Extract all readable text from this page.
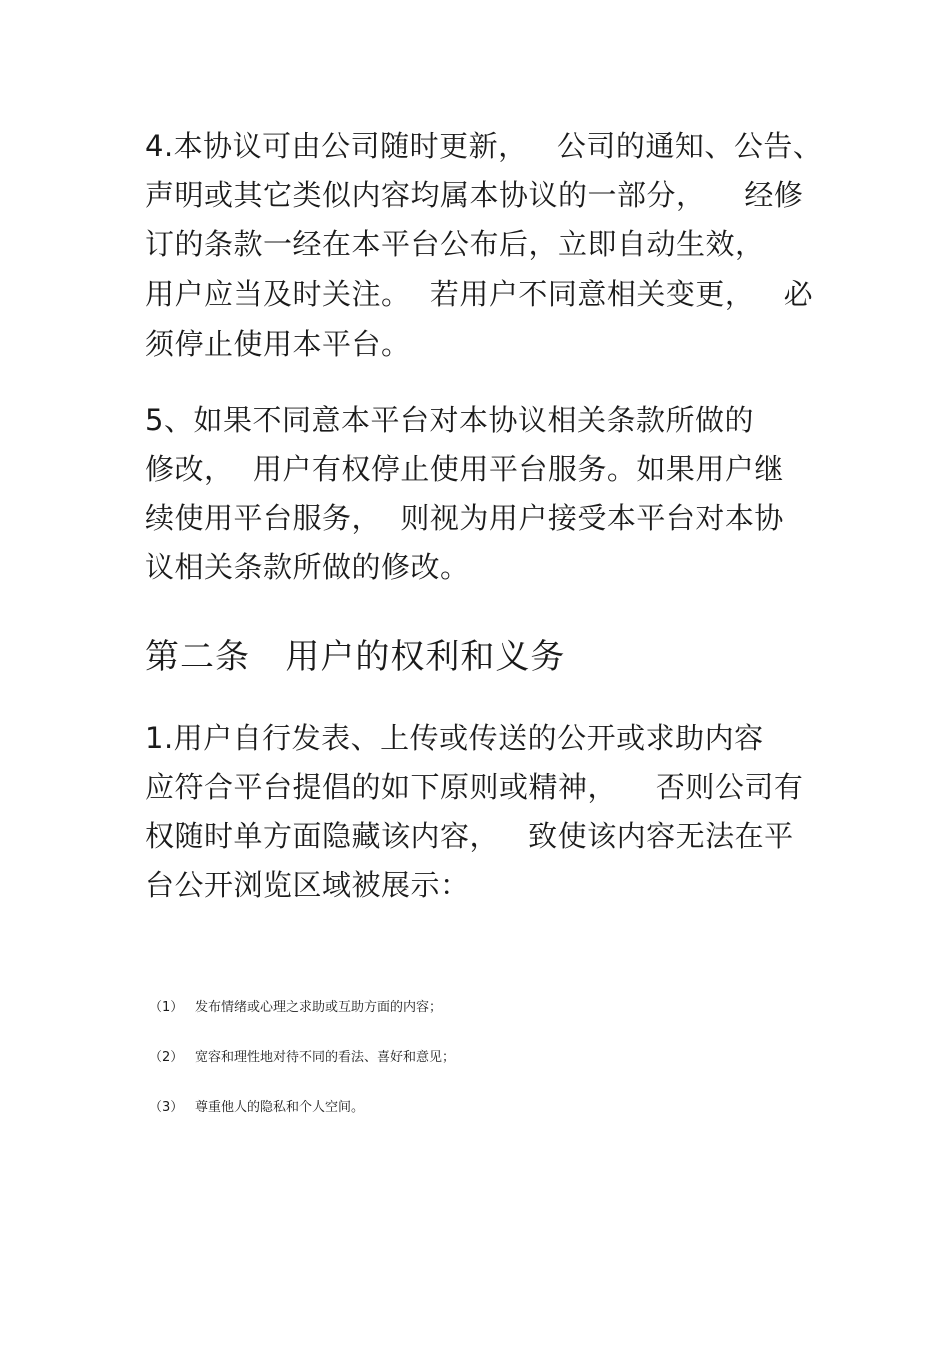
4.本协议可由公司随时更新，   公司的通知、公告、
声明或其它类似内容均属本协议的一部分，    经修
订的条款一经在本平台公布后，立即自动生效，
用户应当及时关注。  若用户不同意相关变更，   必
须停止使用本平台。
5、如果不同意本平台对本协议相关条款所做的
修改，  用户有权停止使用平台服务。如果用户继
续使用平台服务，  则视为用户接受本平台对本协
议相关条款所做的修改。
第二条   用户的权利和义务
1.用户自行发表、上传或传送的公开或求助内容
应符合平台提倡的如下原则或精神，    否则公司有
权随时单方面隐藏该内容，   致使该内容无法在平
台公开浏览区域被展示：
（1） 发布情绪或心理之求助或互助方面的内容；
（2） 宽容和理性地对待不同的看法、喜好和意见；
（3） 尊重他人的隐私和个人空间。
